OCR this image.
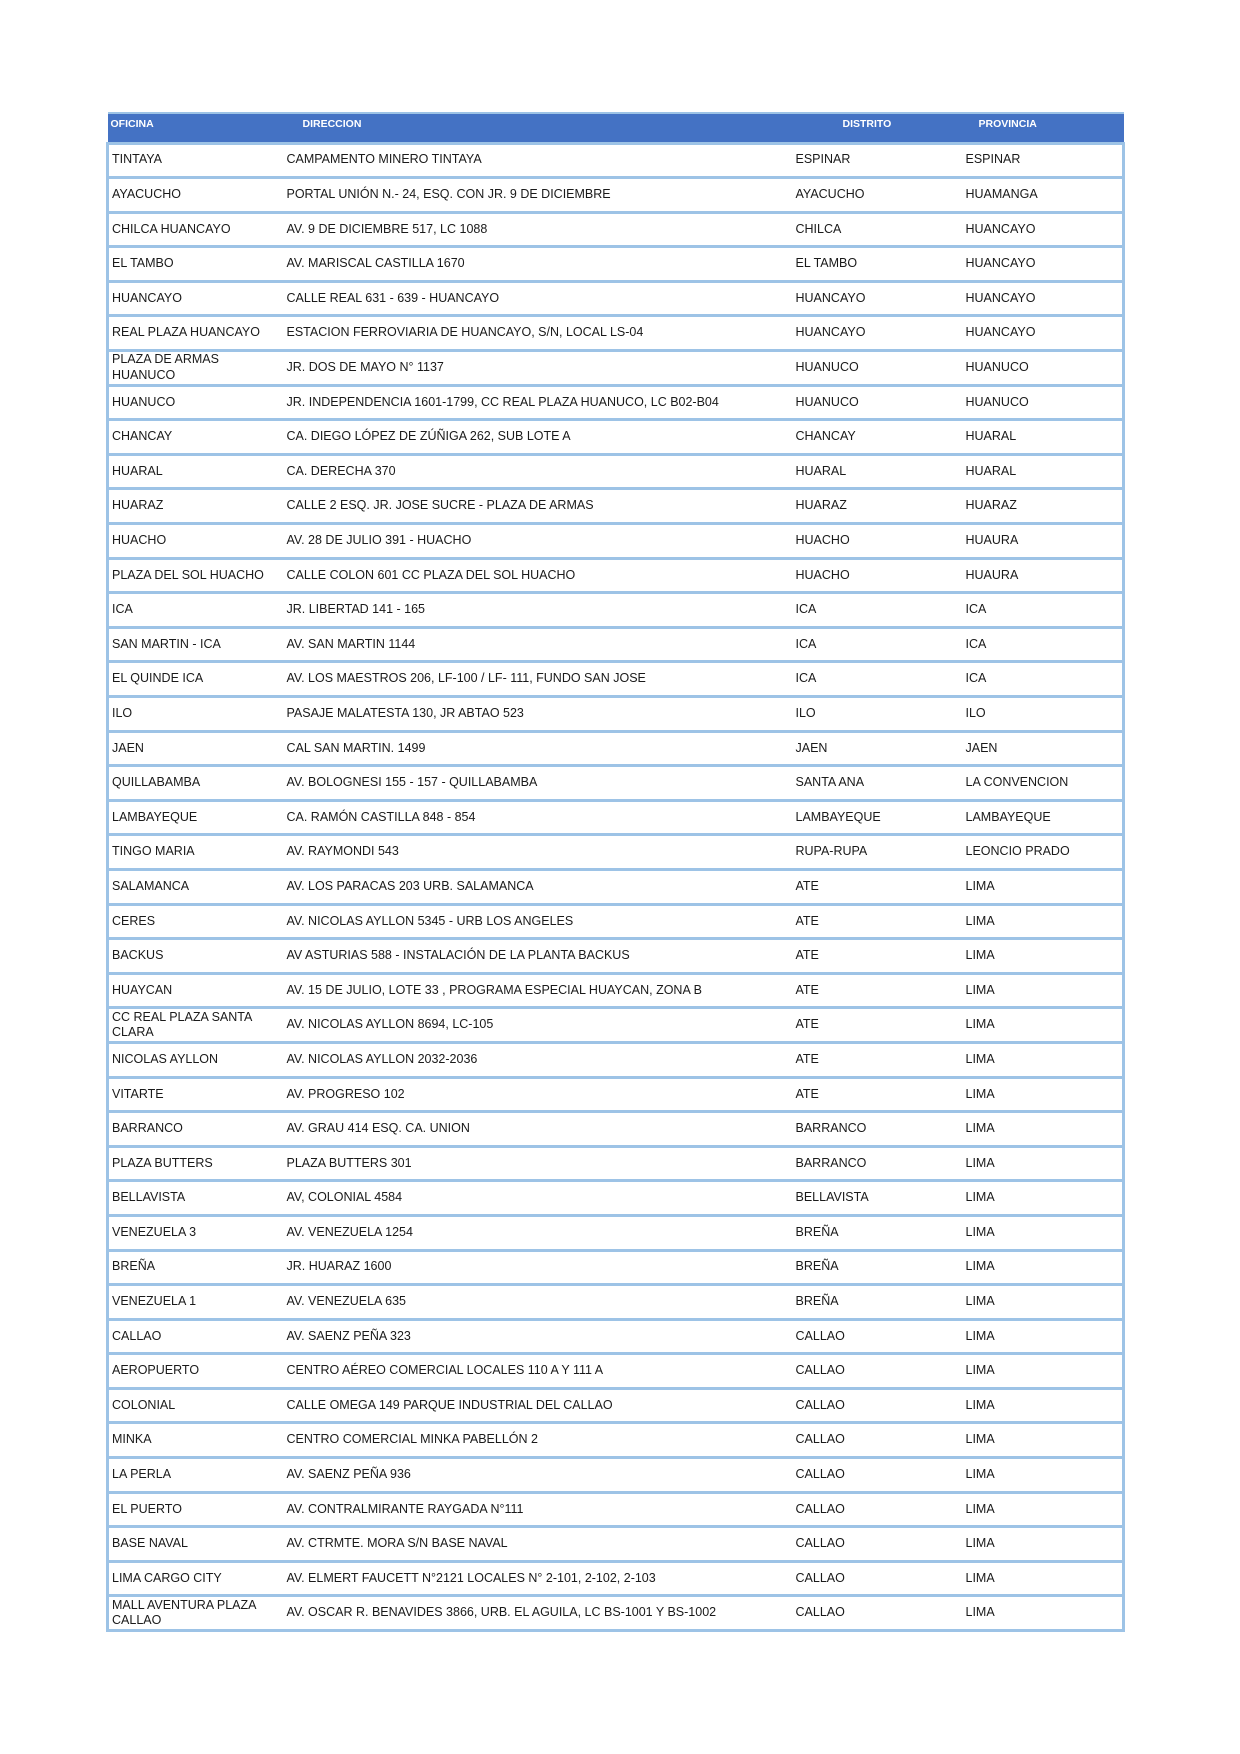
OFICINA	DIRECCION	DISTRITO	PROVINCIA
TINTAYA	CAMPAMENTO MINERO TINTAYA	ESPINAR	ESPINAR
AYACUCHO	PORTAL UNIÓN N.- 24, ESQ. CON JR. 9 DE DICIEMBRE	AYACUCHO	HUAMANGA
CHILCA HUANCAYO	AV. 9 DE DICIEMBRE 517, LC 1088	CHILCA	HUANCAYO
EL TAMBO	AV. MARISCAL CASTILLA 1670	EL TAMBO	HUANCAYO
HUANCAYO	CALLE REAL 631 - 639 - HUANCAYO	HUANCAYO	HUANCAYO
REAL PLAZA HUANCAYO	ESTACION FERROVIARIA DE HUANCAYO, S/N, LOCAL LS-04	HUANCAYO	HUANCAYO
PLAZA DE ARMAS HUANUCO	JR. DOS DE MAYO N° 1137	HUANUCO	HUANUCO
HUANUCO	JR. INDEPENDENCIA 1601-1799, CC REAL PLAZA HUANUCO, LC B02-B04	HUANUCO	HUANUCO
CHANCAY	CA. DIEGO LÓPEZ DE ZÚÑIGA 262, SUB LOTE A	CHANCAY	HUARAL
HUARAL	CA. DERECHA 370	HUARAL	HUARAL
HUARAZ	CALLE 2 ESQ. JR. JOSE SUCRE - PLAZA DE ARMAS	HUARAZ	HUARAZ
HUACHO	AV. 28 DE JULIO 391 - HUACHO	HUACHO	HUAURA
PLAZA DEL SOL HUACHO	CALLE COLON 601 CC PLAZA DEL SOL HUACHO	HUACHO	HUAURA
ICA	JR. LIBERTAD 141 - 165	ICA	ICA
SAN MARTIN - ICA	AV. SAN MARTIN 1144	ICA	ICA
EL QUINDE ICA	AV. LOS MAESTROS 206, LF-100 / LF- 111, FUNDO SAN JOSE	ICA	ICA
ILO	PASAJE MALATESTA 130, JR ABTAO 523	ILO	ILO
JAEN	CAL SAN MARTIN. 1499	JAEN	JAEN
QUILLABAMBA	AV. BOLOGNESI 155 - 157 - QUILLABAMBA	SANTA ANA	LA CONVENCION
LAMBAYEQUE	CA. RAMÓN CASTILLA 848 - 854	LAMBAYEQUE	LAMBAYEQUE
TINGO MARIA	AV. RAYMONDI 543	RUPA-RUPA	LEONCIO PRADO
SALAMANCA	AV. LOS PARACAS 203 URB. SALAMANCA	ATE	LIMA
CERES	AV. NICOLAS AYLLON 5345 - URB LOS ANGELES	ATE	LIMA
BACKUS	AV ASTURIAS 588 - INSTALACIÓN DE LA PLANTA BACKUS	ATE	LIMA
HUAYCAN	AV. 15 DE JULIO, LOTE 33 , PROGRAMA ESPECIAL HUAYCAN, ZONA B	ATE	LIMA
CC REAL PLAZA SANTA CLARA	AV. NICOLAS AYLLON 8694, LC-105	ATE	LIMA
NICOLAS AYLLON	AV. NICOLAS AYLLON 2032-2036	ATE	LIMA
VITARTE	AV. PROGRESO 102	ATE	LIMA
BARRANCO	AV. GRAU 414 ESQ. CA. UNION	BARRANCO	LIMA
PLAZA BUTTERS	PLAZA BUTTERS 301	BARRANCO	LIMA
BELLAVISTA	AV, COLONIAL 4584	BELLAVISTA	LIMA
VENEZUELA 3	AV. VENEZUELA 1254	BREÑA	LIMA
BREÑA	JR. HUARAZ 1600	BREÑA	LIMA
VENEZUELA 1	AV. VENEZUELA 635	BREÑA	LIMA
CALLAO	AV. SAENZ PEÑA 323	CALLAO	LIMA
AEROPUERTO	CENTRO AÉREO COMERCIAL LOCALES 110 A Y 111 A	CALLAO	LIMA
COLONIAL	CALLE OMEGA 149 PARQUE INDUSTRIAL DEL CALLAO	CALLAO	LIMA
MINKA	CENTRO COMERCIAL MINKA PABELLÓN 2	CALLAO	LIMA
LA PERLA	AV. SAENZ PEÑA 936	CALLAO	LIMA
EL PUERTO	AV. CONTRALMIRANTE RAYGADA N°111	CALLAO	LIMA
BASE NAVAL	AV. CTRMTE. MORA S/N BASE NAVAL	CALLAO	LIMA
LIMA CARGO CITY	AV. ELMERT FAUCETT N°2121 LOCALES N° 2-101, 2-102, 2-103	CALLAO	LIMA
MALL AVENTURA PLAZA CALLAO	AV. OSCAR R. BENAVIDES 3866, URB. EL AGUILA, LC BS-1001 Y BS-1002	CALLAO	LIMA
